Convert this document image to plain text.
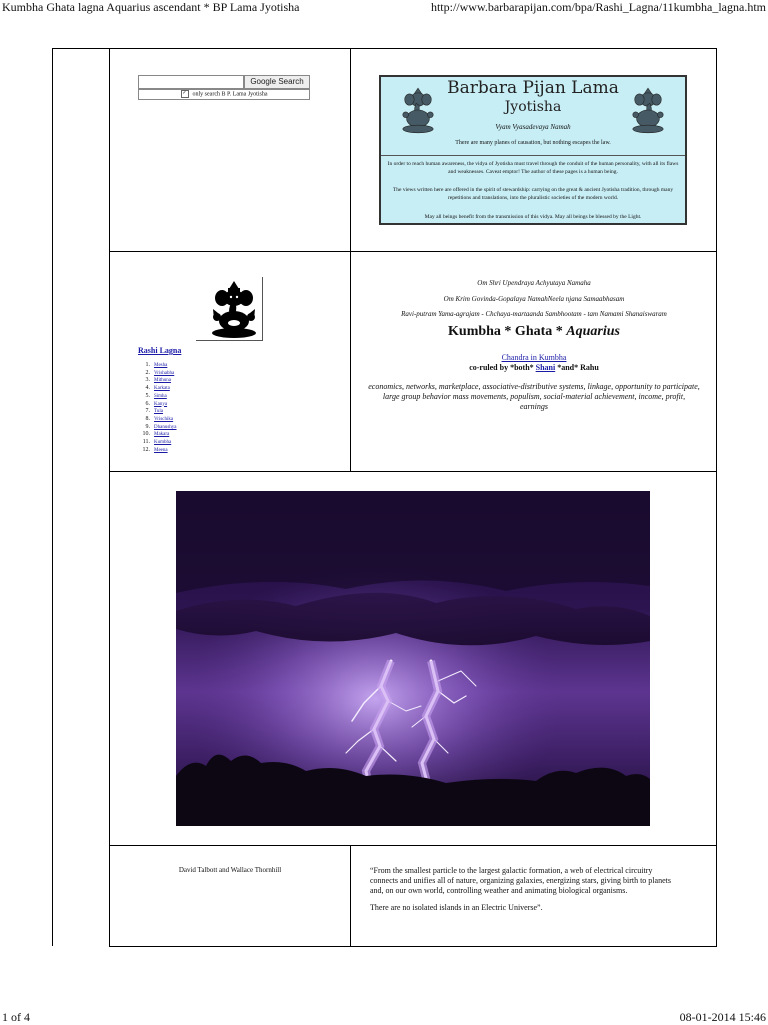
Kumbha Ghata lagna Aquarius ascendant * BP Lama Jyotisha	http://www.barbarapijan.com/bpa/Rashi_Lagna/11kumbha_lagna.htm
1 of 4	08-01-2014 15:46
Google Search
✓ only search B P. Lama Jyotisha	Barbara Pijan Lama
Jyotisha
Vyam Vyasadevaya Namah
There are many planes of causation, but nothing escapes the law.
In order to reach human awareness, the vidya of Jyotisha must travel through the conduit of the human personality, with all its flaws and weaknesses. Caveat emptor! The author of these pages is a human being.
The views written here are offered in the spirit of stewardship: carrying on the great & ancient Jyotisha tradition, through many repetitions and translations, into the pluralistic societies of the modern world.
May all beings benefit from the transmission of this vidya. May all beings be blessed by the Light.
Rashi Lagna
1. Mesha
2. Vrishabha
3. Mithuna
4. Karkata
5. Simha
6. Kanya
7. Tula
8. Vrischika
9. Dhanushya
10. Makara
11. Kumbha
12. Meena
Om Shri Upendraya Achyutaya Namaha
Om Krim Govinda-Gopalaya NamahNeela njana Samaabhasam
Ravi-putram Yama-agrajam - Chchaya-martaanda Sambhootam - tam Namami Shanaiswaram
Kumbha * Ghata * Aquarius
Chandra in Kumbha
co-ruled by *both* Shani *and* Rahu
economics, networks, marketplace, associative-distributive systems, linkage, opportunity to participate, large group behavior mass movements, populism, social-material achievement, income, profit, earnings
David Talbott and Wallace Thornhill	“From the smallest particle to the largest galactic formation, a web of electrical circuitry connects and unifies all of nature, organizing galaxies, energizing stars, giving birth to planets and, on our own world, controlling weather and animating biological organisms.

There are no isolated islands in an Electric Universe”.
